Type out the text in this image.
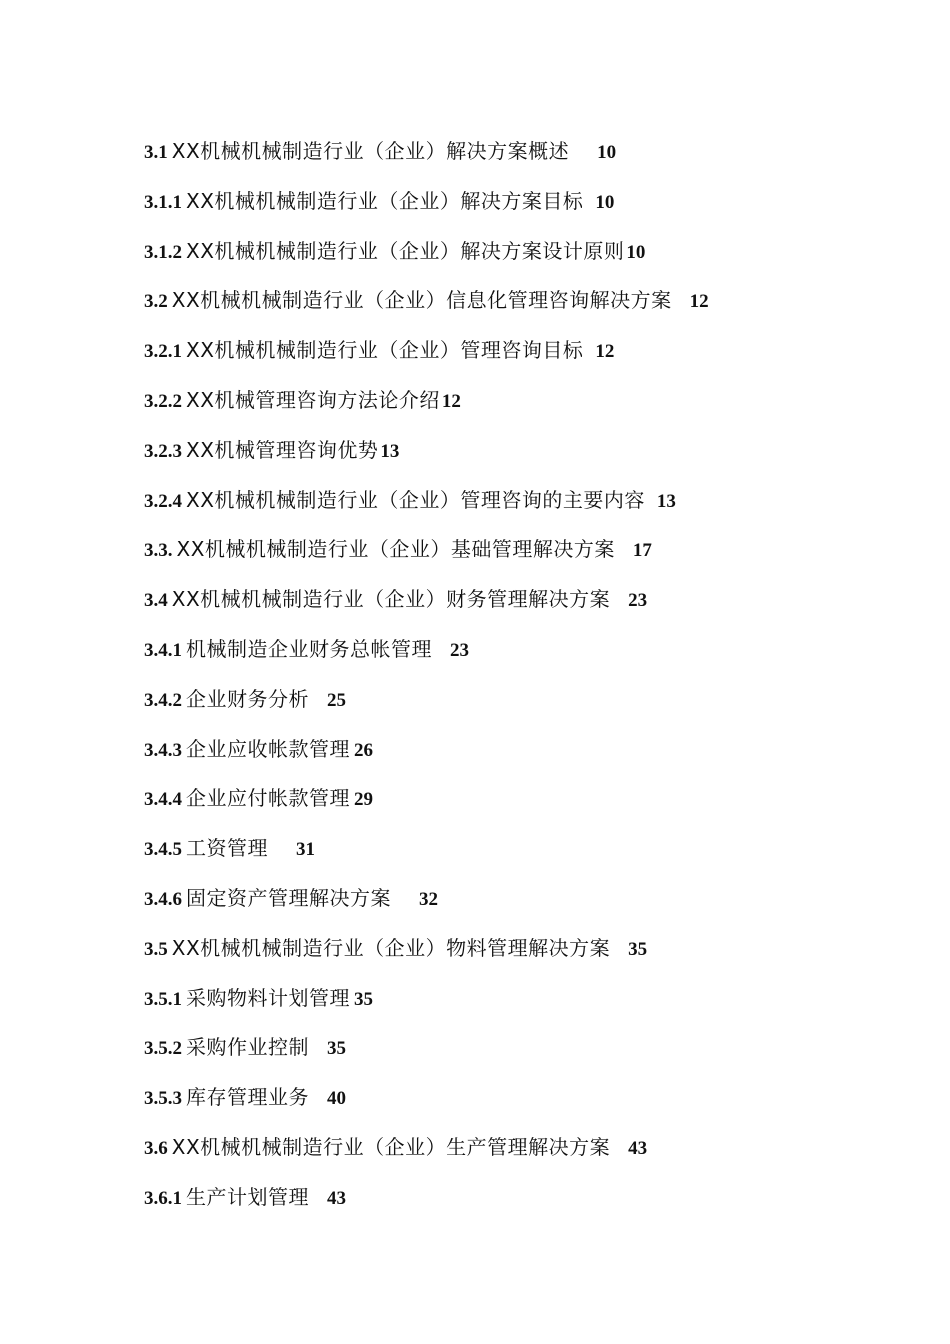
3.1 XX机械机械制造行业（企业）解决方案概述 10
3.1.1 XX机械机械制造行业（企业）解决方案目标 10
3.1.2 XX机械机械制造行业（企业）解决方案设计原则 10
3.2 XX机械机械制造行业（企业）信息化管理咨询解决方案 12
3.2.1 XX机械机械制造行业（企业）管理咨询目标 12
3.2.2 XX机械管理咨询方法论介绍 12
3.2.3 XX机械管理咨询优势 13
3.2.4 XX机械机械制造行业（企业）管理咨询的主要内容 13
3.3. XX机械机械制造行业（企业）基础管理解决方案 17
3.4 XX机械机械制造行业（企业）财务管理解决方案 23
3.4.1 机械制造企业财务总帐管理 23
3.4.2 企业财务分析 25
3.4.3 企业应收帐款管理 26
3.4.4 企业应付帐款管理 29
3.4.5 工资管理 31
3.4.6 固定资产管理解决方案 32
3.5 XX机械机械制造行业（企业）物料管理解决方案 35
3.5.1 采购物料计划管理 35
3.5.2 采购作业控制 35
3.5.3 库存管理业务 40
3.6 XX机械机械制造行业（企业）生产管理解决方案 43
3.6.1 生产计划管理 43
